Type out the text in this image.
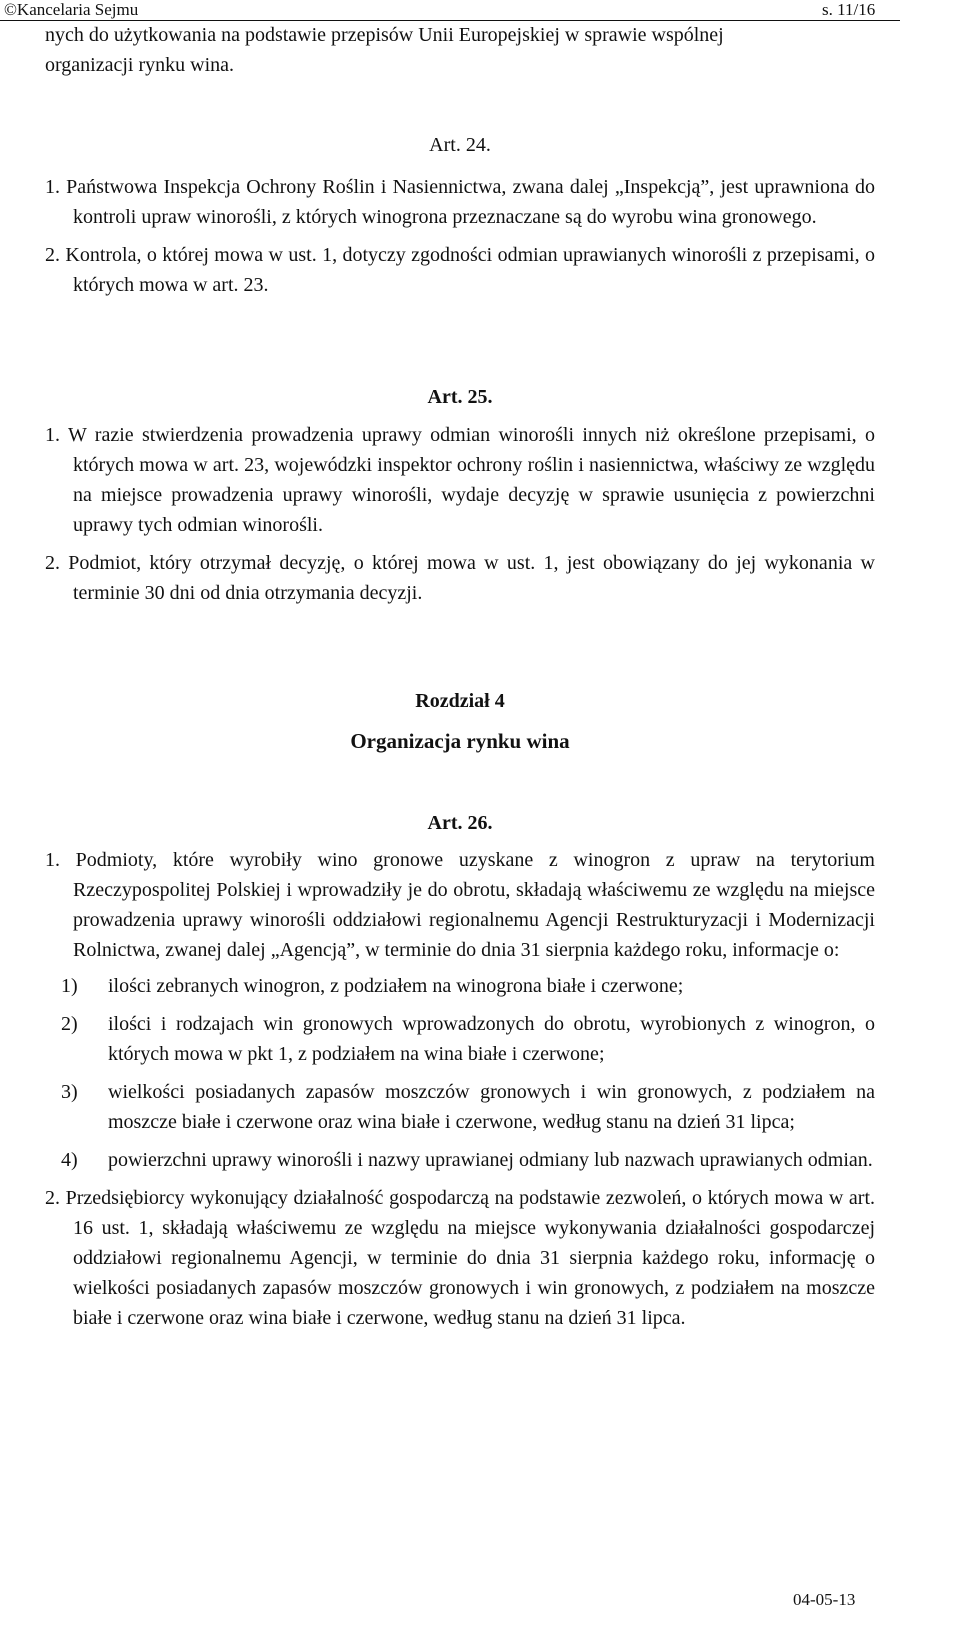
©Kancelaria Sejmu	s. 11/16
nych do użytkowania na podstawie przepisów Unii Europejskiej w sprawie wspólnej
organizacji rynku wina.
Art. 24.

1. Państwowa Inspekcja Ochrony Roślin i Nasiennictwa, zwana dalej „Inspekcją”, jest uprawniona do kontroli upraw winorośli, z których winogrona przeznaczane są do wyrobu wina gronowego.

2. Kontrola, o której mowa w ust. 1, dotyczy zgodności odmian uprawianych winorośli z przepisami, o których mowa w art. 23.

Art. 25.

1. W razie stwierdzenia prowadzenia uprawy odmian winorośli innych niż określone przepisami, o których mowa w art. 23, wojewódzki inspektor ochrony roślin i nasiennictwa, właściwy ze względu na miejsce prowadzenia uprawy winorośli, wydaje decyzję w sprawie usunięcia z powierzchni uprawy tych odmian winorośli.

2. Podmiot, który otrzymał decyzję, o której mowa w ust. 1, jest obowiązany do jej wykonania w terminie 30 dni od dnia otrzymania decyzji.

Rozdział 4
Organizacja rynku wina
Art. 26.

1. Podmioty, które wyrobiły wino gronowe uzyskane z winogron z upraw na terytorium Rzeczypospolitej Polskiej i wprowadziły je do obrotu, składają właściwemu ze względu na miejsce prowadzenia uprawy winorośli oddziałowi regionalnemu Agencji Restrukturyzacji i Modernizacji Rolnictwa, zwanej dalej „Agencją”, w terminie do dnia 31 sierpnia każdego roku, informacje o:

1) ilości zebranych winogron, z podziałem na winogrona białe i czerwone;

2) ilości i rodzajach win gronowych wprowadzonych do obrotu, wyrobionych z winogron, o których mowa w pkt 1, z podziałem na wina białe i czerwone;

3) wielkości posiadanych zapasów moszczów gronowych i win gronowych, z podziałem na moszcze białe i czerwone oraz wina białe i czerwone, według stanu na dzień 31 lipca;

4) powierzchni uprawy winorośli i nazwy uprawianej odmiany lub nazwach uprawianych odmian.

2. Przedsiębiorcy wykonujący działalność gospodarczą na podstawie zezwoleń, o których mowa w art. 16 ust. 1, składają właściwemu ze względu na miejsce wykonywania działalności gospodarczej oddziałowi regionalnemu Agencji, w terminie do dnia 31 sierpnia każdego roku, informację o wielkości posiadanych zapasów moszczów gronowych i win gronowych, z podziałem na moszcze białe i czerwone oraz wina białe i czerwone, według stanu na dzień 31 lipca.

04-05-13
